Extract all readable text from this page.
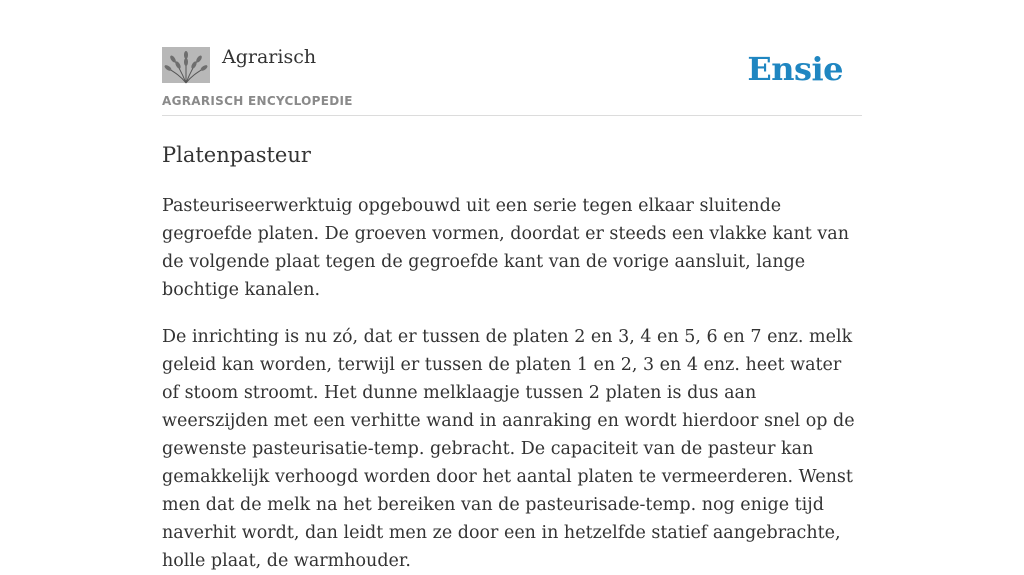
Agrarisch
AGRARISCH ENCYCLOPEDIE
Ensie
Platenpasteur

Pasteuriseerwerktuig opgebouwd uit een serie tegen elkaar sluitende gegroefde platen. De groeven vormen, doordat er steeds een vlakke kant van de volgende plaat tegen de gegroefde kant van de vorige aansluit, lange bochtige kanalen.

De inrichting is nu zó, dat er tussen de platen 2 en 3, 4 en 5, 6 en 7 enz. melk geleid kan worden, terwijl er tussen de platen 1 en 2, 3 en 4 enz. heet water of stoom stroomt. Het dunne melklaagje tussen 2 platen is dus aan weerszijden met een verhitte wand in aanraking en wordt hierdoor snel op de gewenste pasteurisatie-temp. gebracht. De capaciteit van de pasteur kan gemakkelijk verhoogd worden door het aantal platen te vermeerderen. Wenst men dat de melk na het bereiken van de pasteurisade-temp. nog enige tijd naverhit wordt, dan leidt men ze door een in hetzelfde statief aangebrachte, holle plaat, de warmhouder.
